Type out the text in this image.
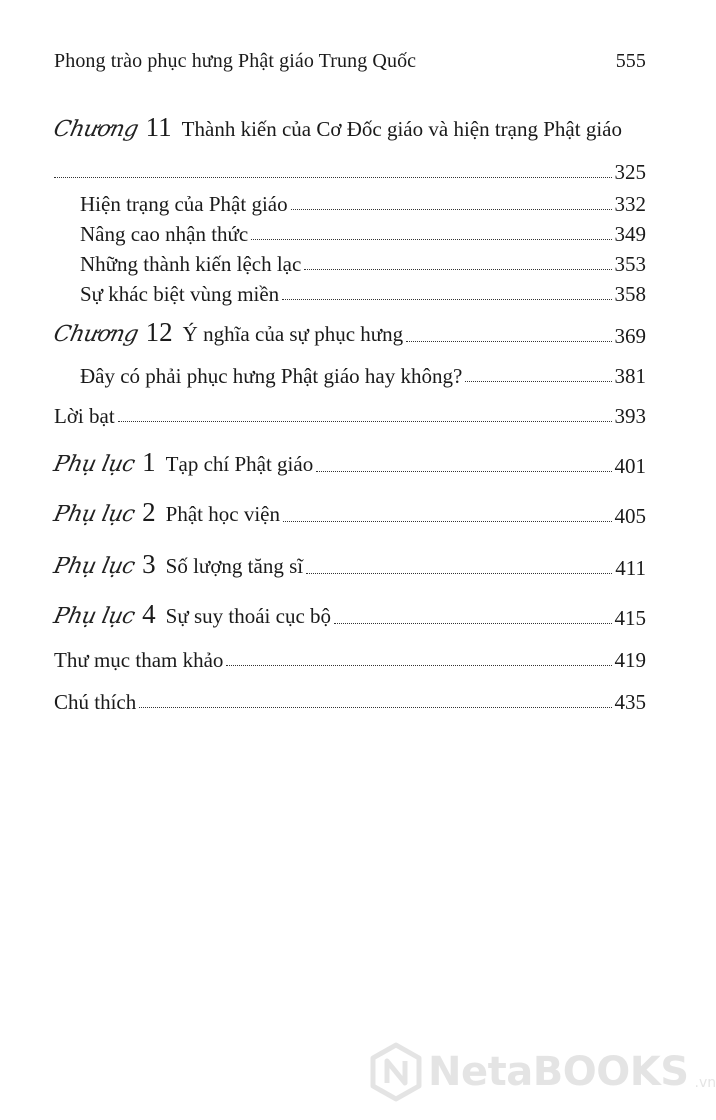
Phong trào phục hưng Phật giáo Trung Quốc	555
Chương 11 Thành kiến của Cơ Đốc giáo và hiện trạng Phật giáo
325
Hiện trạng của Phật giáo	332
Nâng cao nhận thức	349
Những thành kiến lệch lạc	353
Sự khác biệt vùng miền	358
Chương 12 Ý nghĩa của sự phục hưng	369
Đây có phải phục hưng Phật giáo hay không?	381
Lời bạt	393
Phụ lục 1 Tạp chí Phật giáo	401
Phụ lục 2 Phật học viện	405
Phụ lục 3 Số lượng tăng sĩ	411
Phụ lục 4 Sự suy thoái cục bộ	415
Thư mục tham khảo	419
Chú thích	435
NetaBOOKS .vn
